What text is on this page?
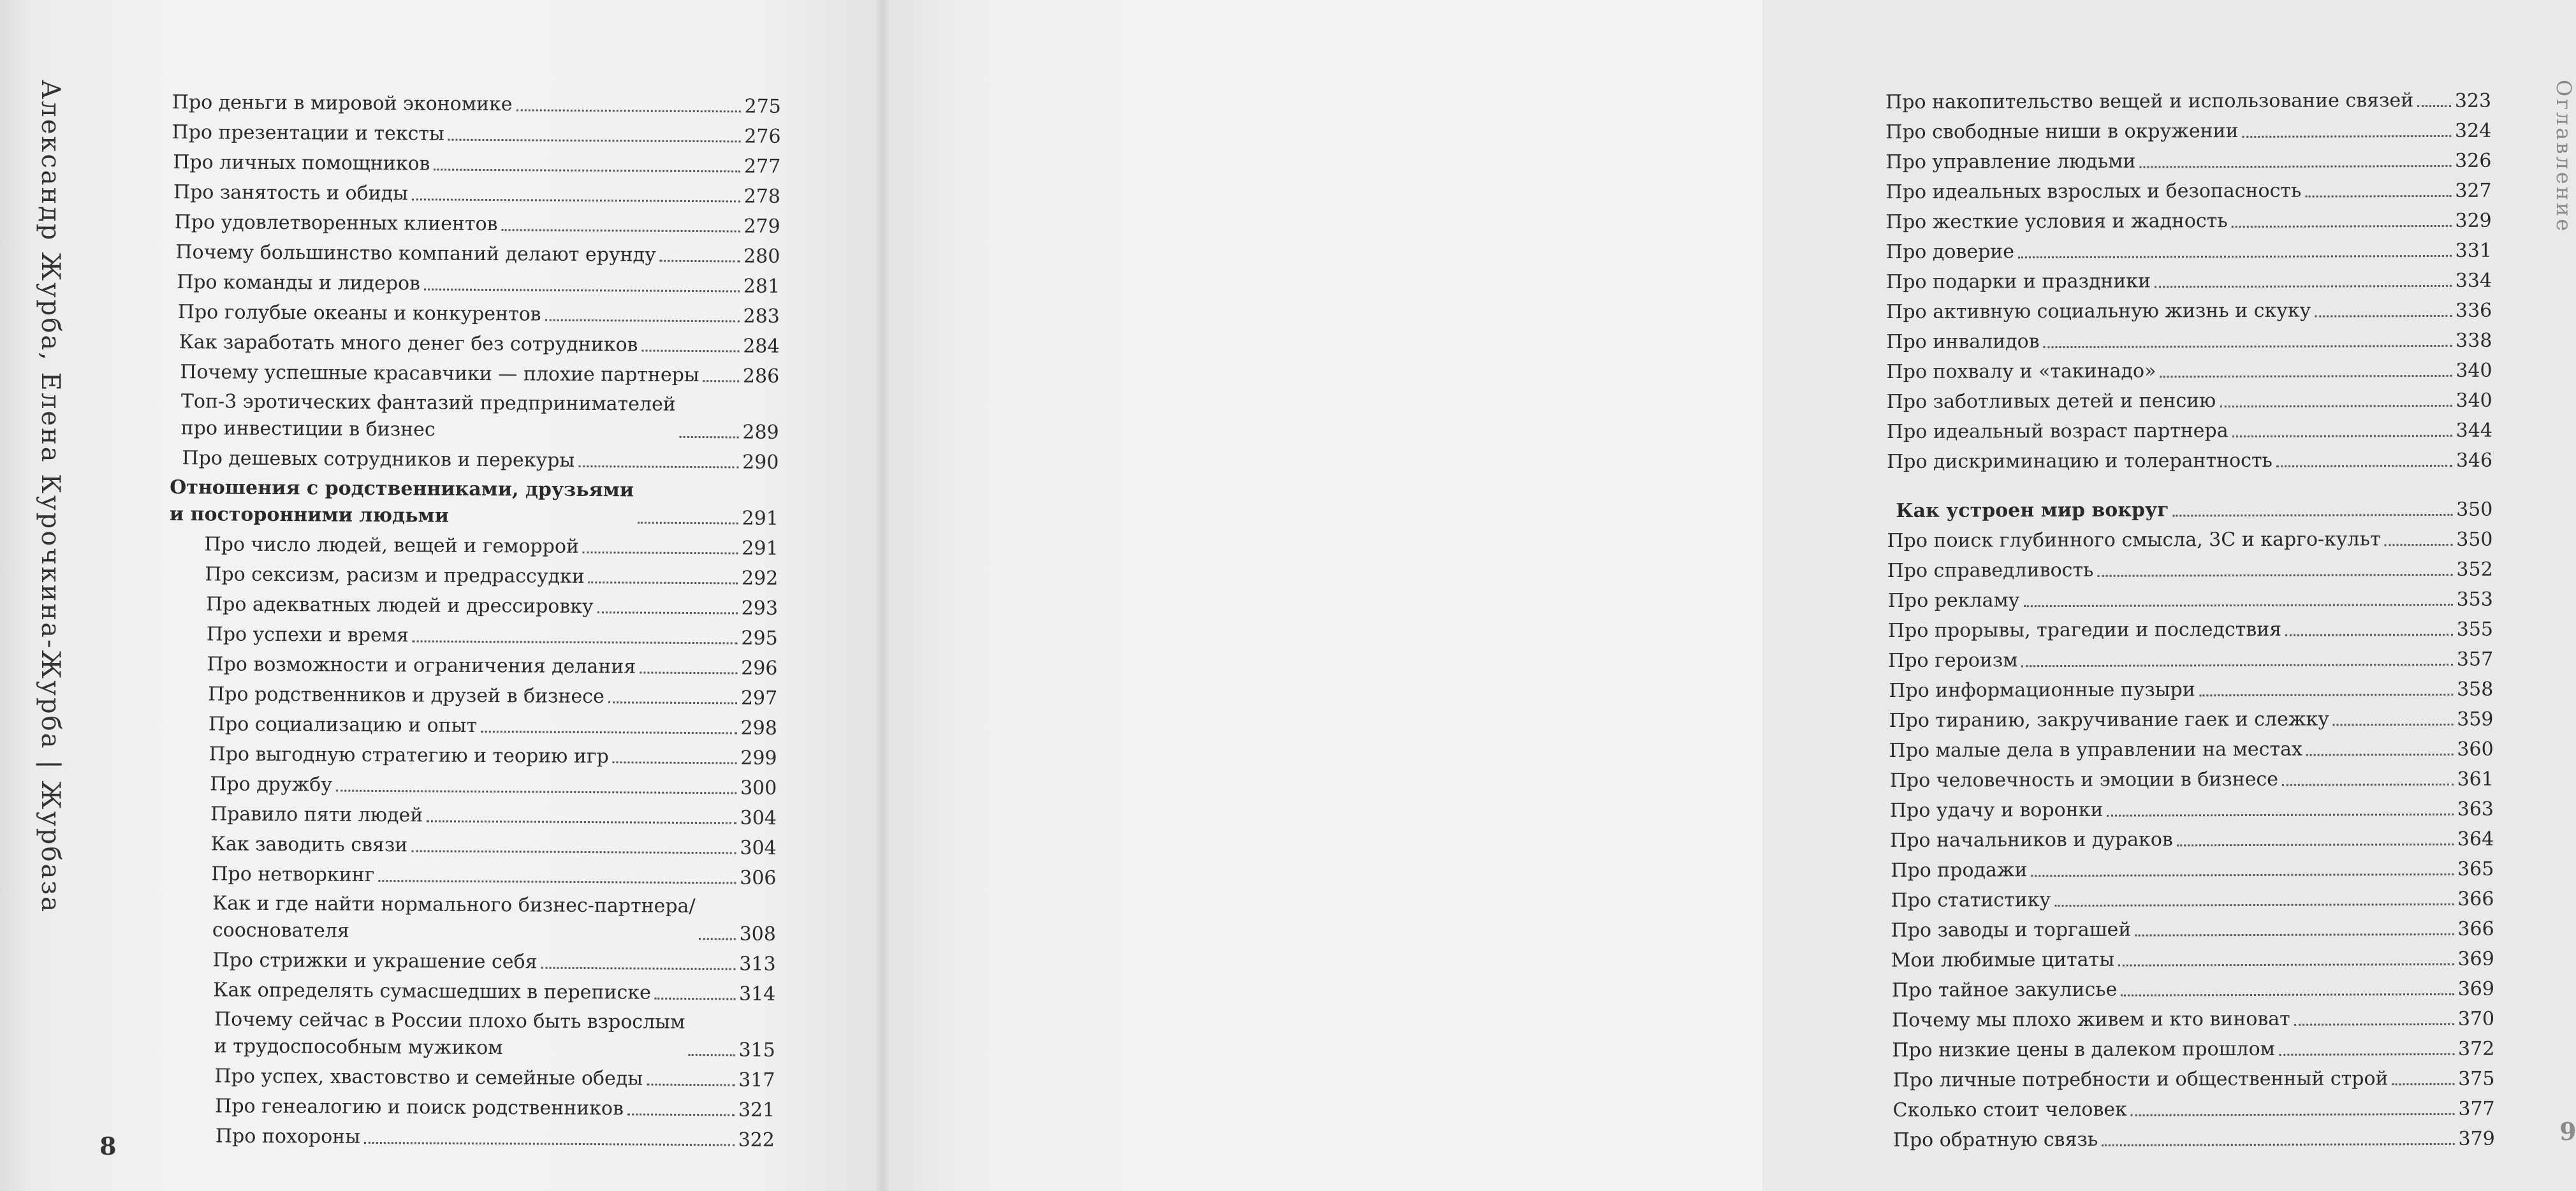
Александр Журба, Елена Курочкина-Журба | Журбаза	Про деньги в мировой экономике	275
Про презентации и тексты	276
Про личных помощников	277
Про занятость и обиды	278
Про удовлетворенных клиентов	279
Почему большинство компаний делают ерунду	280
Про команды и лидеров	281
Про голубые океаны и конкурентов	283
Как заработать много денег без сотрудников	284
Почему успешные красавчики — плохие партнеры 286
Топ-3 эротических фантазий предпринимателей
про инвестиции в бизнес	289
Про дешевых сотрудников и перекуры	290
Отношения с родственниками, друзьями
и посторонними людьми	291
Про число людей, вещей и геморрой	291
Про сексизм, расизм и предрассудки	292
Про адекватных людей и дрессировку	293
Про успехи и время	295
Про возможности и ограничения делания	296
Про родственников и друзей в бизнесе	297
Про социализацию и опыт	298
Про выгодную стратегию и теорию игр	299
Про дружбу	300
Правило пяти людей	304
Как заводить связи	304
Про нетворкинг	306
Как и где найти нормального бизнес-партнера/
сооснователя	308
Про стрижки и украшение себя	313
Как определять сумасшедших в переписке	314
Почему сейчас в России плохо быть взрослым
и трудоспособным мужиком	315
Про успех, хвастовство и семейные обеды	317
Про генеалогию и поиск родственников	321
Про похороны	322
8
Про накопительство вещей и использование связей 323
Про свободные ниши в окружении	324
Про управление людьми	326
Про идеальных взрослых и безопасность	327
Про жесткие условия и жадность	329
Про доверие	331
Про подарки и праздники	334
Про активную социальную жизнь и скуку	336
Про инвалидов	338
Про похвалу и «такинадо»	340
Про заботливых детей и пенсию	340
Про идеальный возраст партнера	344
Про дискриминацию и толерантность	346
Как устроен мир вокруг	350
Про поиск глубинного смысла, 3С и карго-культ	350
Про справедливость	352
Про рекламу	353
Про прорывы, трагедии и последствия	355
Про героизм	357
Про информационные пузыри	358
Про тиранию, закручивание гаек и слежку	359
Про малые дела в управлении на местах	360
Про человечность и эмоции в бизнесе	361
Про удачу и воронки	363
Про начальников и дураков	364
Про продажи	365
Про статистику	366
Про заводы и торгашей	366
Мои любимые цитаты	369
Про тайное закулисье	369
Почему мы плохо живем и кто виноват	370
Про низкие цены в далеком прошлом	372
Про личные потребности и общественный строй	375
Сколько стоит человек	377
Про обратную связь	379
Оглавление
9
